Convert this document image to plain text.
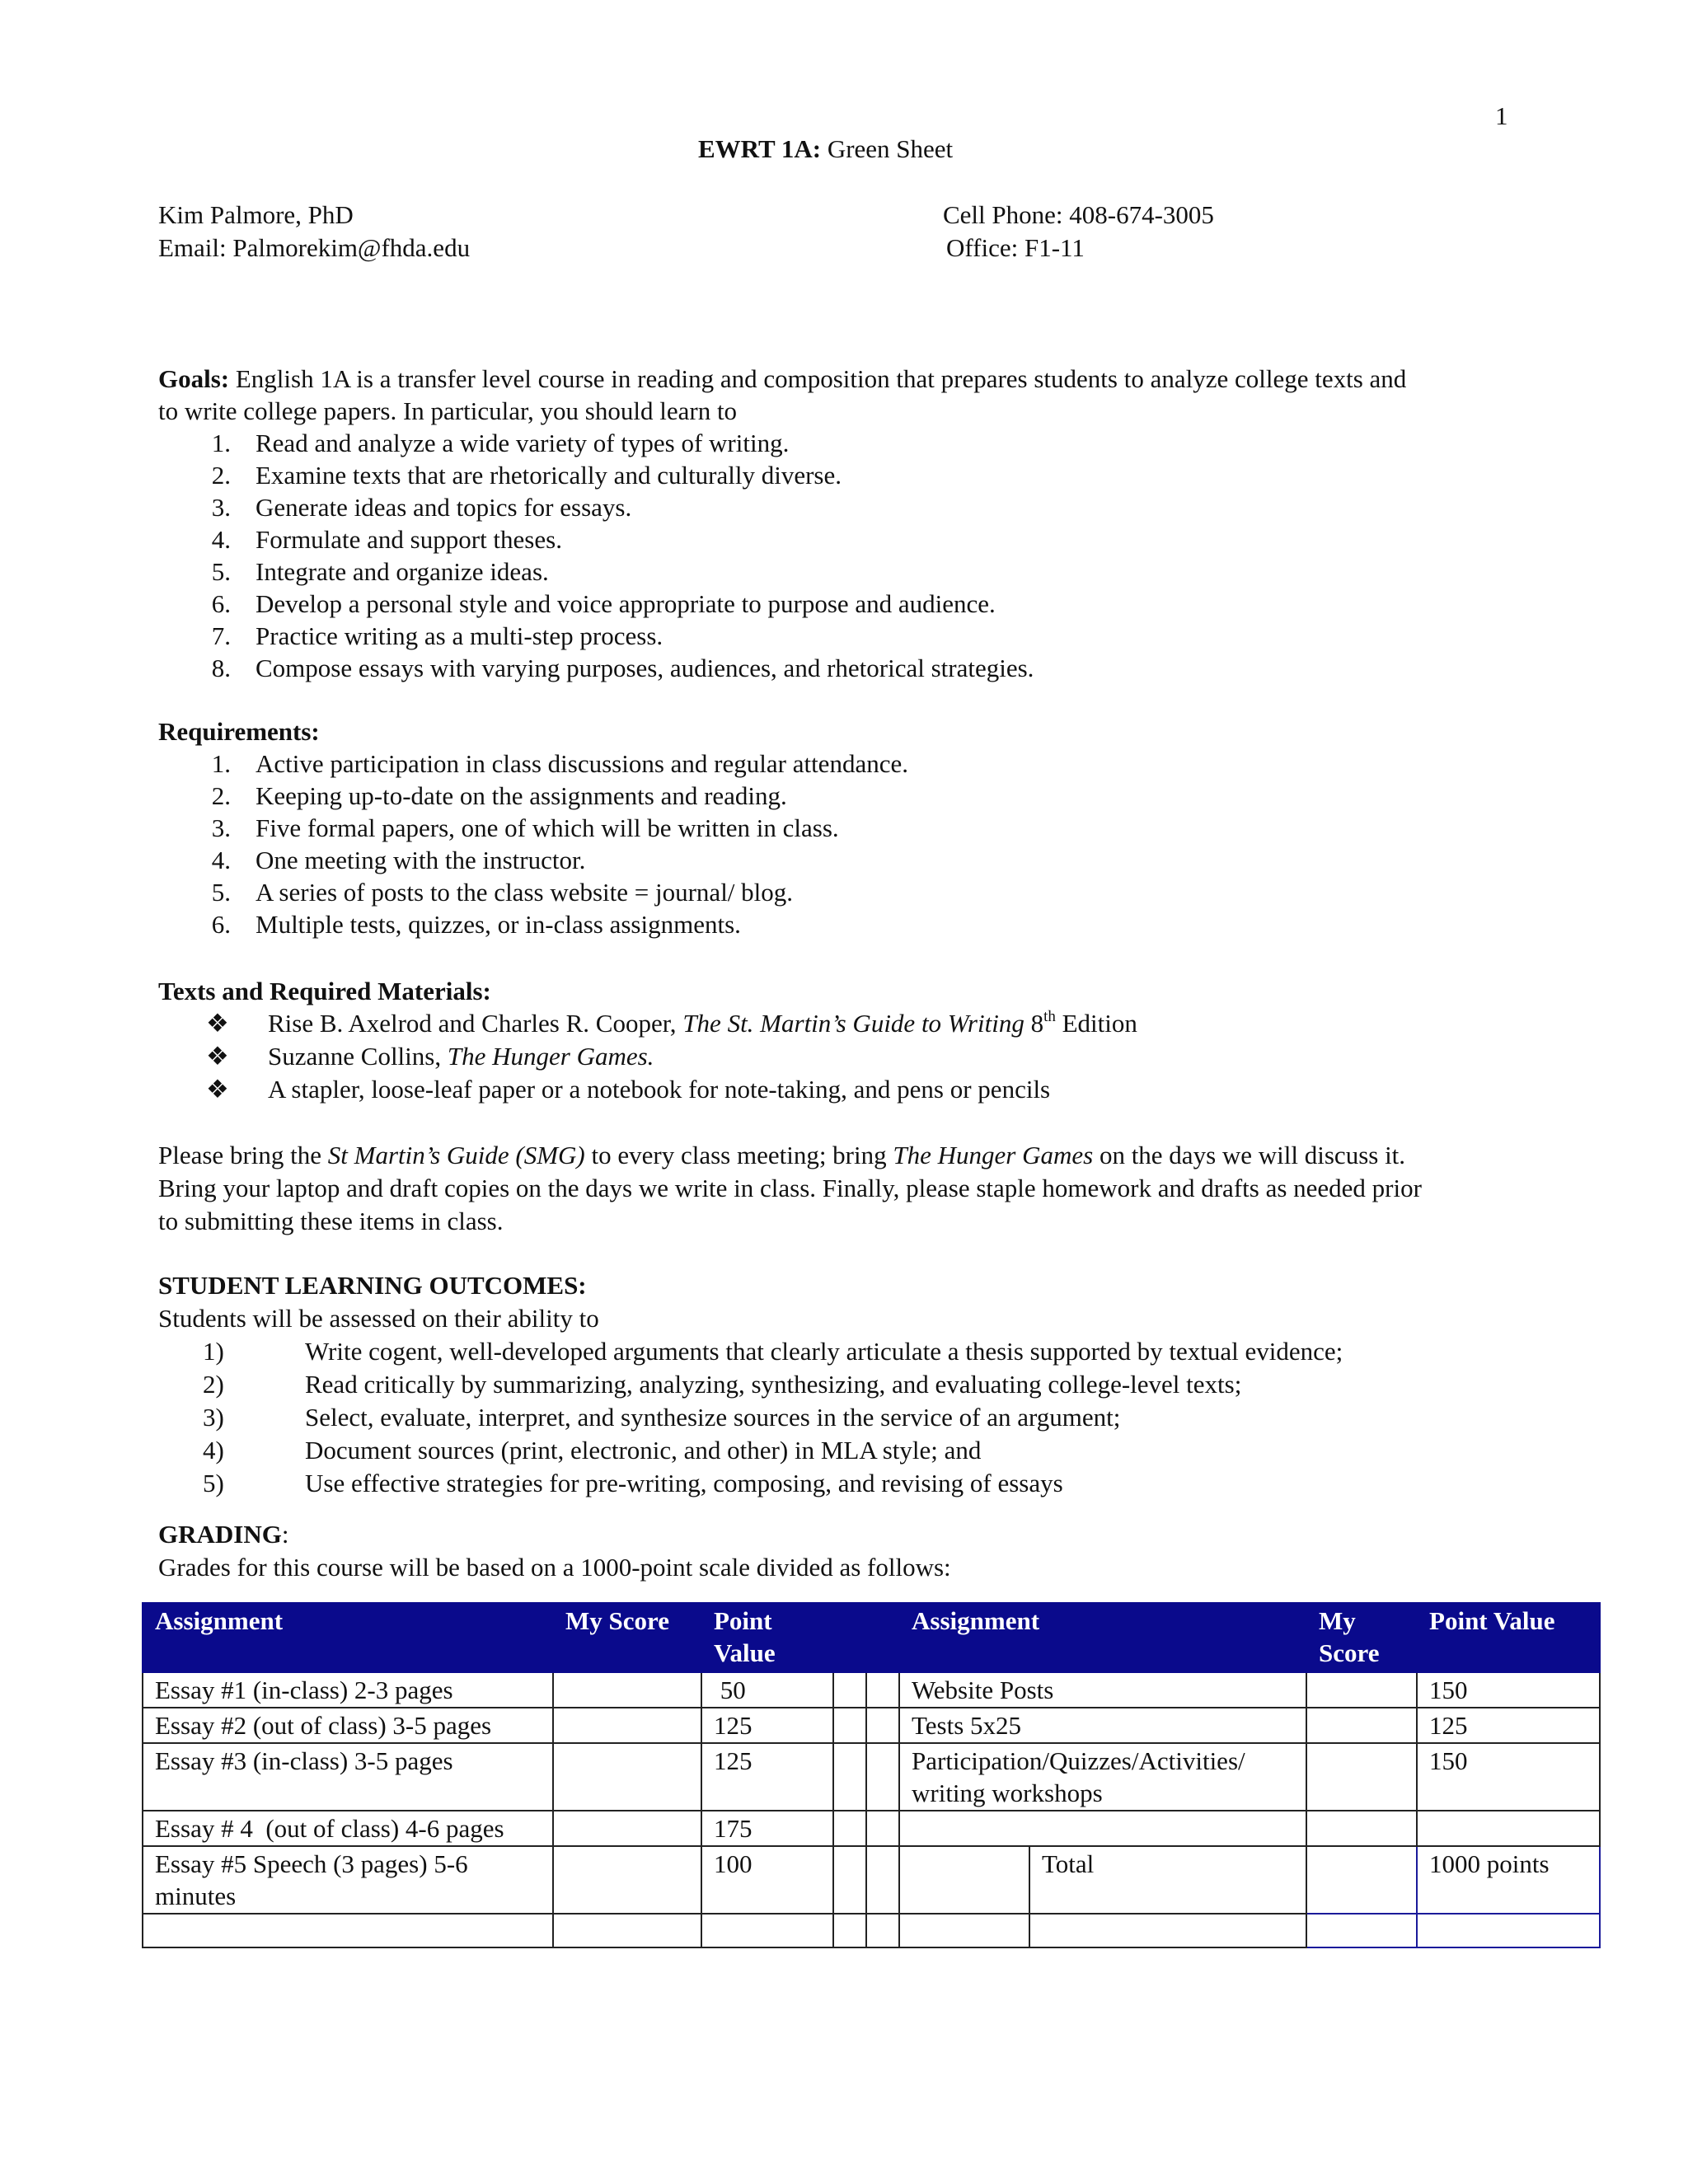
1
EWRT 1A: Green Sheet
Kim Palmore, PhD
Email: Palmorekim@fhda.edu
Cell Phone: 408-674-3005
Office: F1-11
Goals: English 1A is a transfer level course in reading and composition that prepares students to analyze college texts and
to write college papers. In particular, you should learn to
1. Read and analyze a wide variety of types of writing.
2. Examine texts that are rhetorically and culturally diverse.
3. Generate ideas and topics for essays.
4. Formulate and support theses.
5. Integrate and organize ideas.
6. Develop a personal style and voice appropriate to purpose and audience.
7. Practice writing as a multi-step process.
8. Compose essays with varying purposes, audiences, and rhetorical strategies.
Requirements:
1. Active participation in class discussions and regular attendance.
2. Keeping up-to-date on the assignments and reading.
3. Five formal papers, one of which will be written in class.
4. One meeting with the instructor.
5. A series of posts to the class website = journal/ blog.
6. Multiple tests, quizzes, or in-class assignments.
Texts and Required Materials:
❖ Rise B. Axelrod and Charles R. Cooper, The St. Martin’s Guide to Writing 8th Edition
❖ Suzanne Collins, The Hunger Games.
❖ A stapler, loose-leaf paper or a notebook for note-taking, and pens or pencils
Please bring the St Martin’s Guide (SMG) to every class meeting; bring The Hunger Games on the days we will discuss it.
Bring your laptop and draft copies on the days we write in class. Finally, please staple homework and drafts as needed prior
to submitting these items in class.
STUDENT LEARNING OUTCOMES:
Students will be assessed on their ability to
1)	Write cogent, well-developed arguments that clearly articulate a thesis supported by textual evidence;
2)	Read critically by summarizing, analyzing, synthesizing, and evaluating college-level texts;
3)	Select, evaluate, interpret, and synthesize sources in the service of an argument;
4)	Document sources (print, electronic, and other) in MLA style; and
5)	Use effective strategies for pre-writing, composing, and revising of essays
GRADING:
Grades for this course will be based on a 1000-point scale divided as follows:
Assignment	My Score	Point Value			Assignment		My Score	Point Value
Essay #1 (in-class) 2-3 pages		50			Website Posts			150
Essay #2 (out of class) 3-5 pages		125			Tests 5x25			125
Essay #3 (in-class) 3-5 pages		125			Participation/Quizzes/Activities/ writing workshops			150
Essay # 4  (out of class) 4-6 pages		175						
Essay #5 Speech (3 pages) 5-6 minutes		100				Total		1000 points
